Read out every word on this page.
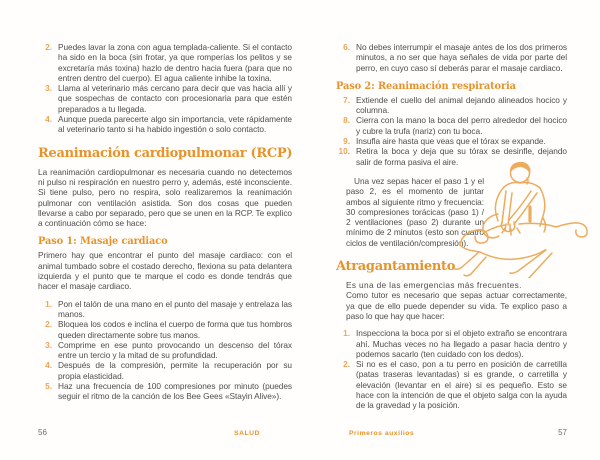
2. Puedes lavar la zona con agua templada-caliente. Si el contacto ha sido en la boca (sin frotar, ya que romperías los pelitos y se excretaría más toxina) hazlo de dentro hacia fuera (para que no entren dentro del cuerpo). El agua caliente inhibe la toxina.
3. Llama al veterinario más cercano para decir que vas hacia allí y que sospechas de contacto con procesionaria para que estén preparados a tu llegada.
4. Aunque pueda parecerte algo sin importancia, vete rápidamente al veterinario tanto si ha habido ingestión o solo contacto.
Reanimación cardiopulmonar (RCP)

La reanimación cardiopulmonar es necesaria cuando no detectemos ni pulso ni respiración en nuestro perro y, además, esté inconsciente. Si tiene pulso, pero no respira, solo realizaremos la reanimación pulmonar con ventilación asistida. Son dos cosas que pueden llevarse a cabo por separado, pero que se unen en la RCP. Te explico a continuación cómo se hace:

Paso 1: Masaje cardiaco

Primero hay que encontrar el punto del masaje cardiaco: con el animal tumbado sobre el costado derecho, flexiona su pata delantera izquierda y el punto que te marque el codo es donde tendrás que hacer el masaje cardiaco.

1. Pon el talón de una mano en el punto del masaje y entrelaza las manos.
2. Bloquea los codos e inclina el cuerpo de forma que tus hombros queden directamente sobre tus manos.
3. Comprime en ese punto provocando un descenso del tórax entre un tercio y la mitad de su profundidad.
4. Después de la compresión, permite la recuperación por su propia elasticidad.
5. Haz una frecuencia de 100 compresiones por minuto (puedes seguir el ritmo de la canción de los Bee Gees «Stayin Alive»).
56	SALUD
6. No debes interrumpir el masaje antes de los dos primeros minutos, a no ser que haya señales de vida por parte del perro, en cuyo caso sí deberás parar el masaje cardiaco.
Paso 2: Reanimación respiratoria
7. Extiende el cuello del animal dejando alineados hocico y columna.
8. Cierra con la mano la boca del perro alrededor del hocico y cubre la trufa (nariz) con tu boca.
9. Insufla aire hasta que veas que el tórax se expande.
10. Retira la boca y deja que su tórax se desinfle, dejando salir de forma pasiva el aire.

Una vez sepas hacer el paso 1 y el paso 2, es el momento de juntar ambos al siguiente ritmo y frecuencia: 30 compresiones torácicas (paso 1) / 2 ventilaciones (paso 2) durante un mínimo de 2 minutos (esto son cuatro ciclos de ventilación/compresión).

Atragantamiento

Es una de las emergencias más frecuentes.

Como tutor es necesario que sepas actuar correctamente, ya que de ello puede depender su vida. Te explico paso a paso lo que hay que hacer:

1. Inspecciona la boca por si el objeto extraño se encontrara ahí. Muchas veces no ha llegado a pasar hacia dentro y podemos sacarlo (ten cuidado con los dedos).
2. Si no es el caso, pon a tu perro en posición de carretilla (patas traseras levantadas) si es grande, o carretilla y elevación (levantar en el aire) si es pequeño. Esto se hace con la intención de que el objeto salga con la ayuda de la gravedad y la posición.
Primeros auxilios	57
